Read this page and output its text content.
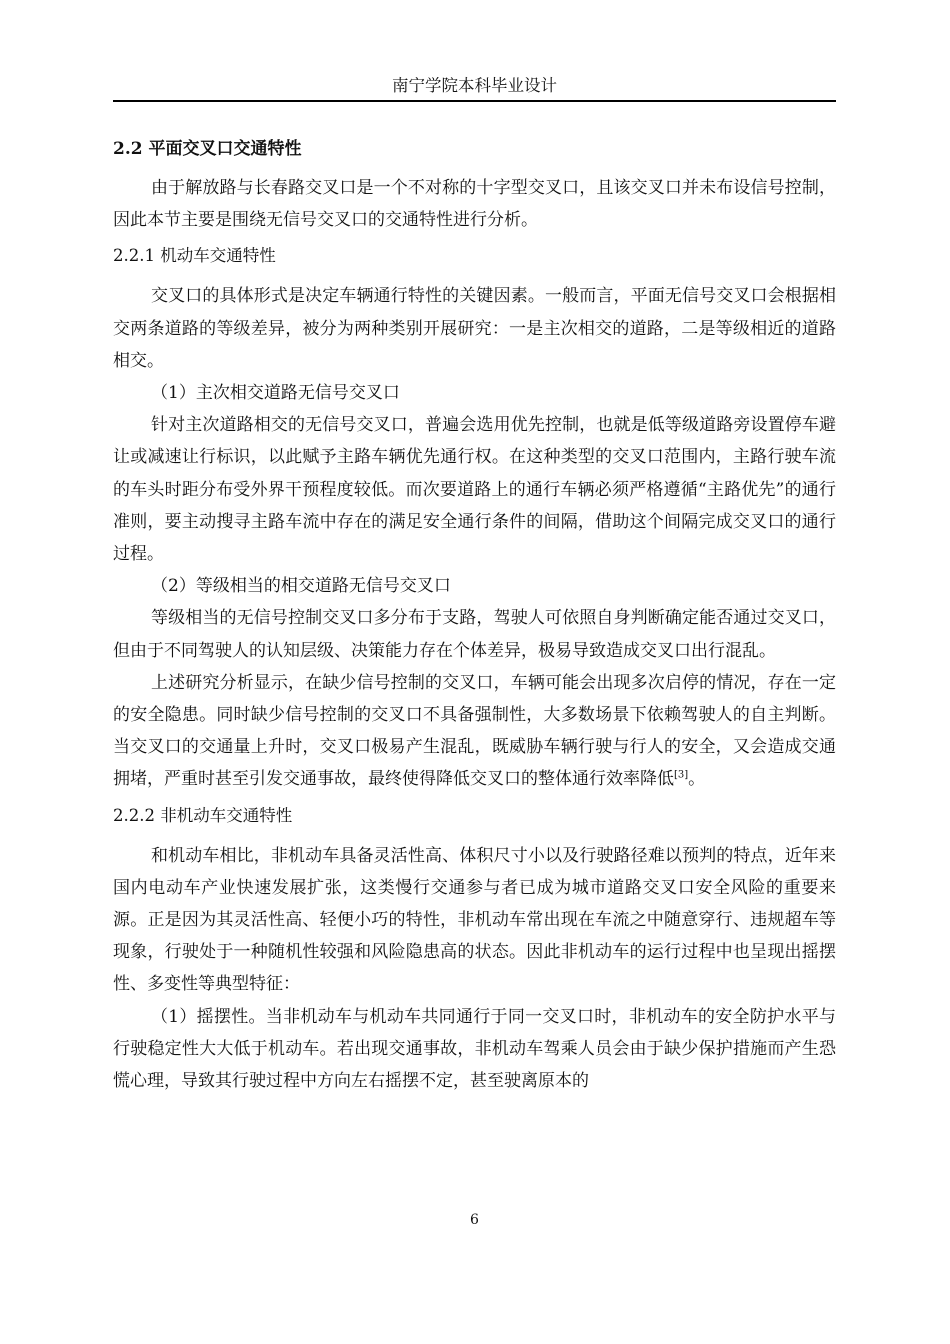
南宁学院本科毕业设计
2.2 平面交叉口交通特性

由于解放路与长春路交叉口是一个不对称的十字型交叉口，且该交叉口并未布设信号控制，因此本节主要是围绕无信号交叉口的交通特性进行分析。

2.2.1 机动车交通特性

交叉口的具体形式是决定车辆通行特性的关键因素。一般而言，平面无信号交叉口会根据相交两条道路的等级差异，被分为两种类别开展研究：一是主次相交的道路，二是等级相近的道路相交。

（1）主次相交道路无信号交叉口

针对主次道路相交的无信号交叉口，普遍会选用优先控制，也就是低等级道路旁设置停车避让或减速让行标识，以此赋予主路车辆优先通行权。在这种类型的交叉口范围内，主路行驶车流的车头时距分布受外界干预程度较低。而次要道路上的通行车辆必须严格遵循“主路优先”的通行准则，要主动搜寻主路车流中存在的满足安全通行条件的间隔，借助这个间隔完成交叉口的通行过程。

（2）等级相当的相交道路无信号交叉口

等级相当的无信号控制交叉口多分布于支路，驾驶人可依照自身判断确定能否通过交叉口，但由于不同驾驶人的认知层级、决策能力存在个体差异，极易导致造成交叉口出行混乱。

上述研究分析显示，在缺少信号控制的交叉口，车辆可能会出现多次启停的情况，存在一定的安全隐患。同时缺少信号控制的交叉口不具备强制性，大多数场景下依赖驾驶人的自主判断。当交叉口的交通量上升时，交叉口极易产生混乱，既威胁车辆行驶与行人的安全，又会造成交通拥堵，严重时甚至引发交通事故，最终使得降低交叉口的整体通行效率降低[3]。

2.2.2 非机动车交通特性

和机动车相比，非机动车具备灵活性高、体积尺寸小以及行驶路径难以预判的特点，近年来国内电动车产业快速发展扩张，这类慢行交通参与者已成为城市道路交叉口安全风险的重要来源。正是因为其灵活性高、轻便小巧的特性，非机动车常出现在车流之中随意穿行、违规超车等现象，行驶处于一种随机性较强和风险隐患高的状态。因此非机动车的运行过程中也呈现出摇摆性、多变性等典型特征：

（1）摇摆性。当非机动车与机动车共同通行于同一交叉口时，非机动车的安全防护水平与行驶稳定性大大低于机动车。若出现交通事故，非机动车驾乘人员会由于缺少保护措施而产生恐慌心理，导致其行驶过程中方向左右摇摆不定，甚至驶离原本的

6
